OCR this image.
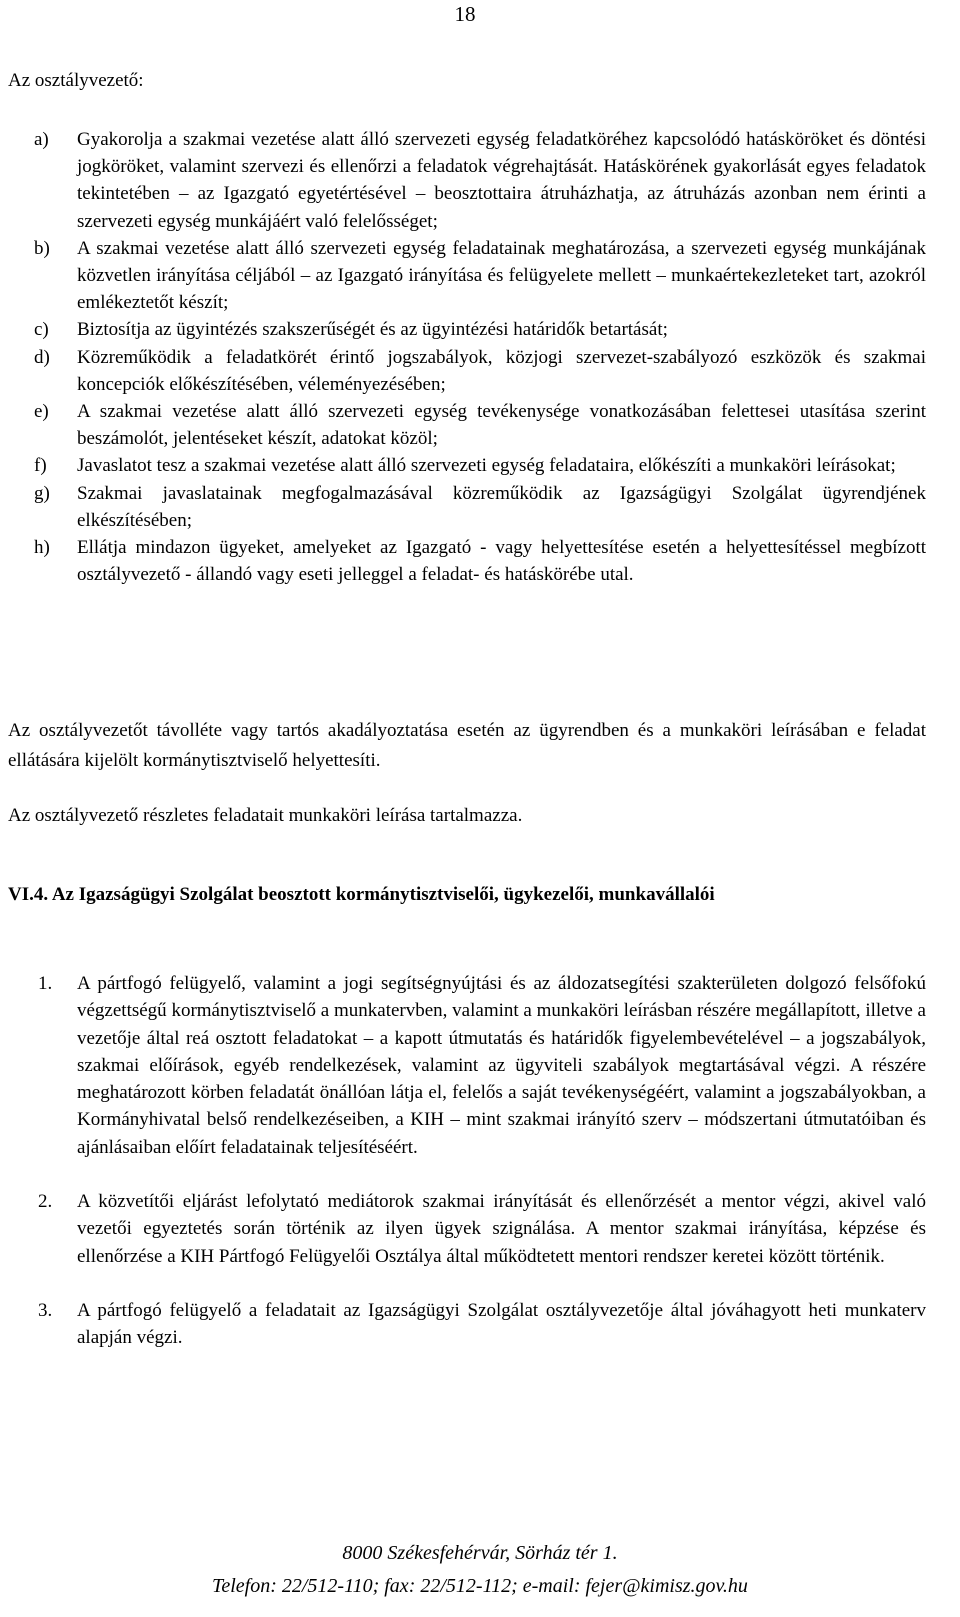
18
Az osztályvezető:
a) Gyakorolja a szakmai vezetése alatt álló szervezeti egység feladatköréhez kapcsolódó hatásköröket és döntési jogköröket, valamint szervezi és ellenőrzi a feladatok végrehajtását. Hatáskörének gyakorlását egyes feladatok tekintetében – az Igazgató egyetértésével – beosztottaira átruházhatja, az átruházás azonban nem érinti a szervezeti egység munkájáért való felelősséget;
b) A szakmai vezetése alatt álló szervezeti egység feladatainak meghatározása, a szervezeti egység munkájának közvetlen irányítása céljából – az Igazgató irányítása és felügyelete mellett – munkaértekezleteket tart, azokról emlékeztetőt készít;
c) Biztosítja az ügyintézés szakszerűségét és az ügyintézési határidők betartását;
d) Közreműködik a feladatkörét érintő jogszabályok, közjogi szervezet-szabályozó eszközök és szakmai koncepciók előkészítésében, véleményezésében;
e) A szakmai vezetése alatt álló szervezeti egység tevékenysége vonatkozásában felettesei utasítása szerint beszámolót, jelentéseket készít, adatokat közöl;
f) Javaslatot tesz a szakmai vezetése alatt álló szervezeti egység feladataira, előkészíti a munkaköri leírásokat;
g) Szakmai javaslatainak megfogalmazásával közreműködik az Igazságügyi Szolgálat ügyrendjének elkészítésében;
h) Ellátja mindazon ügyeket, amelyeket az Igazgató - vagy helyettesítése esetén a helyettesítéssel megbízott osztályvezető - állandó vagy eseti jelleggel a feladat- és hatáskörébe utal.
Az osztályvezetőt távolléte vagy tartós akadályoztatása esetén az ügyrendben és a munkaköri leírásában e feladat ellátására kijelölt kormánytisztviselő helyettesíti.
Az osztályvezető részletes feladatait munkaköri leírása tartalmazza.
VI.4. Az Igazságügyi Szolgálat beosztott kormánytisztviselői, ügykezelői, munkavállalói
1. A pártfogó felügyelő, valamint a jogi segítségnyújtási és az áldozatsegítési szakterületen dolgozó felsőfokú végzettségű kormánytisztviselő a munkatervben, valamint a munkaköri leírásban részére megállapított, illetve a vezetője által reá osztott feladatokat – a kapott útmutatás és határidők figyelembevételével – a jogszabályok, szakmai előírások, egyéb rendelkezések, valamint az ügyviteli szabályok megtartásával végzi. A részére meghatározott körben feladatát önállóan látja el, felelős a saját tevékenységéért, valamint a jogszabályokban, a Kormányhivatal belső rendelkezéseiben, a KIH – mint szakmai irányító szerv – módszertani útmutatóiban és ajánlásaiban előírt feladatainak teljesítéséért.
2. A közvetítői eljárást lefolytató mediátorok szakmai irányítását és ellenőrzését a mentor végzi, akivel való vezetői egyeztetés során történik az ilyen ügyek szignálása. A mentor szakmai irányítása, képzése és ellenőrzése a KIH Pártfogó Felügyelői Osztálya által működtetett mentori rendszer keretei között történik.
3. A pártfogó felügyelő a feladatait az Igazságügyi Szolgálat osztályvezetője által jóváhagyott heti munkaterv alapján végzi.
8000 Székesfehérvár, Sörház tér 1.
Telefon: 22/512-110; fax: 22/512-112; e-mail: fejer@kimisz.gov.hu
